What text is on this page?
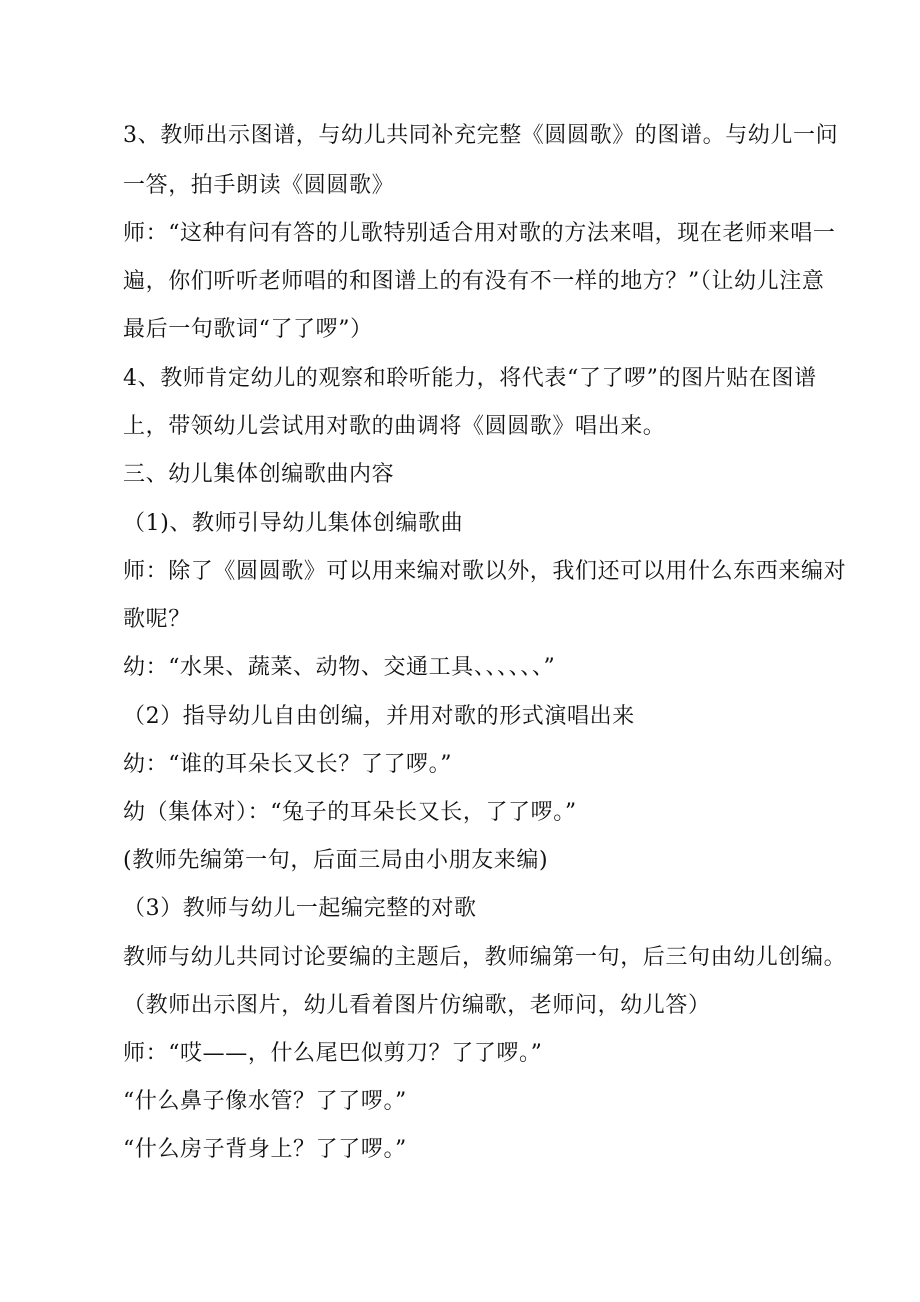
3、教师出示图谱，与幼儿共同补充完整《圆圆歌》的图谱。与幼儿一问
一答，拍手朗读《圆圆歌》
师：“这种有问有答的儿歌特别适合用对歌的方法来唱，现在老师来唱一
遍，你们听听老师唱的和图谱上的有没有不一样的地方？”（让幼儿注意
最后一句歌词“了了啰”）
4、教师肯定幼儿的观察和聆听能力，将代表“了了啰”的图片贴在图谱
上，带领幼儿尝试用对歌的曲调将《圆圆歌》唱出来。
三、幼儿集体创编歌曲内容
（1)、教师引导幼儿集体创编歌曲
师：除了《圆圆歌》可以用来编对歌以外，我们还可以用什么东西来编对
歌呢？
幼：“水果、蔬菜、动物、交通工具、、、、、、”
（2）指导幼儿自由创编，并用对歌的形式演唱出来
幼：“谁的耳朵长又长？了了啰。”
幼（集体对）：“兔子的耳朵长又长，了了啰。”
(教师先编第一句，后面三局由小朋友来编)
（3）教师与幼儿一起编完整的对歌
教师与幼儿共同讨论要编的主题后，教师编第一句，后三句由幼儿创编。
（教师出示图片，幼儿看着图片仿编歌，老师问，幼儿答）
师：“哎——，什么尾巴似剪刀？了了啰。”
“什么鼻子像水管？了了啰。”
“什么房子背身上？了了啰。”
